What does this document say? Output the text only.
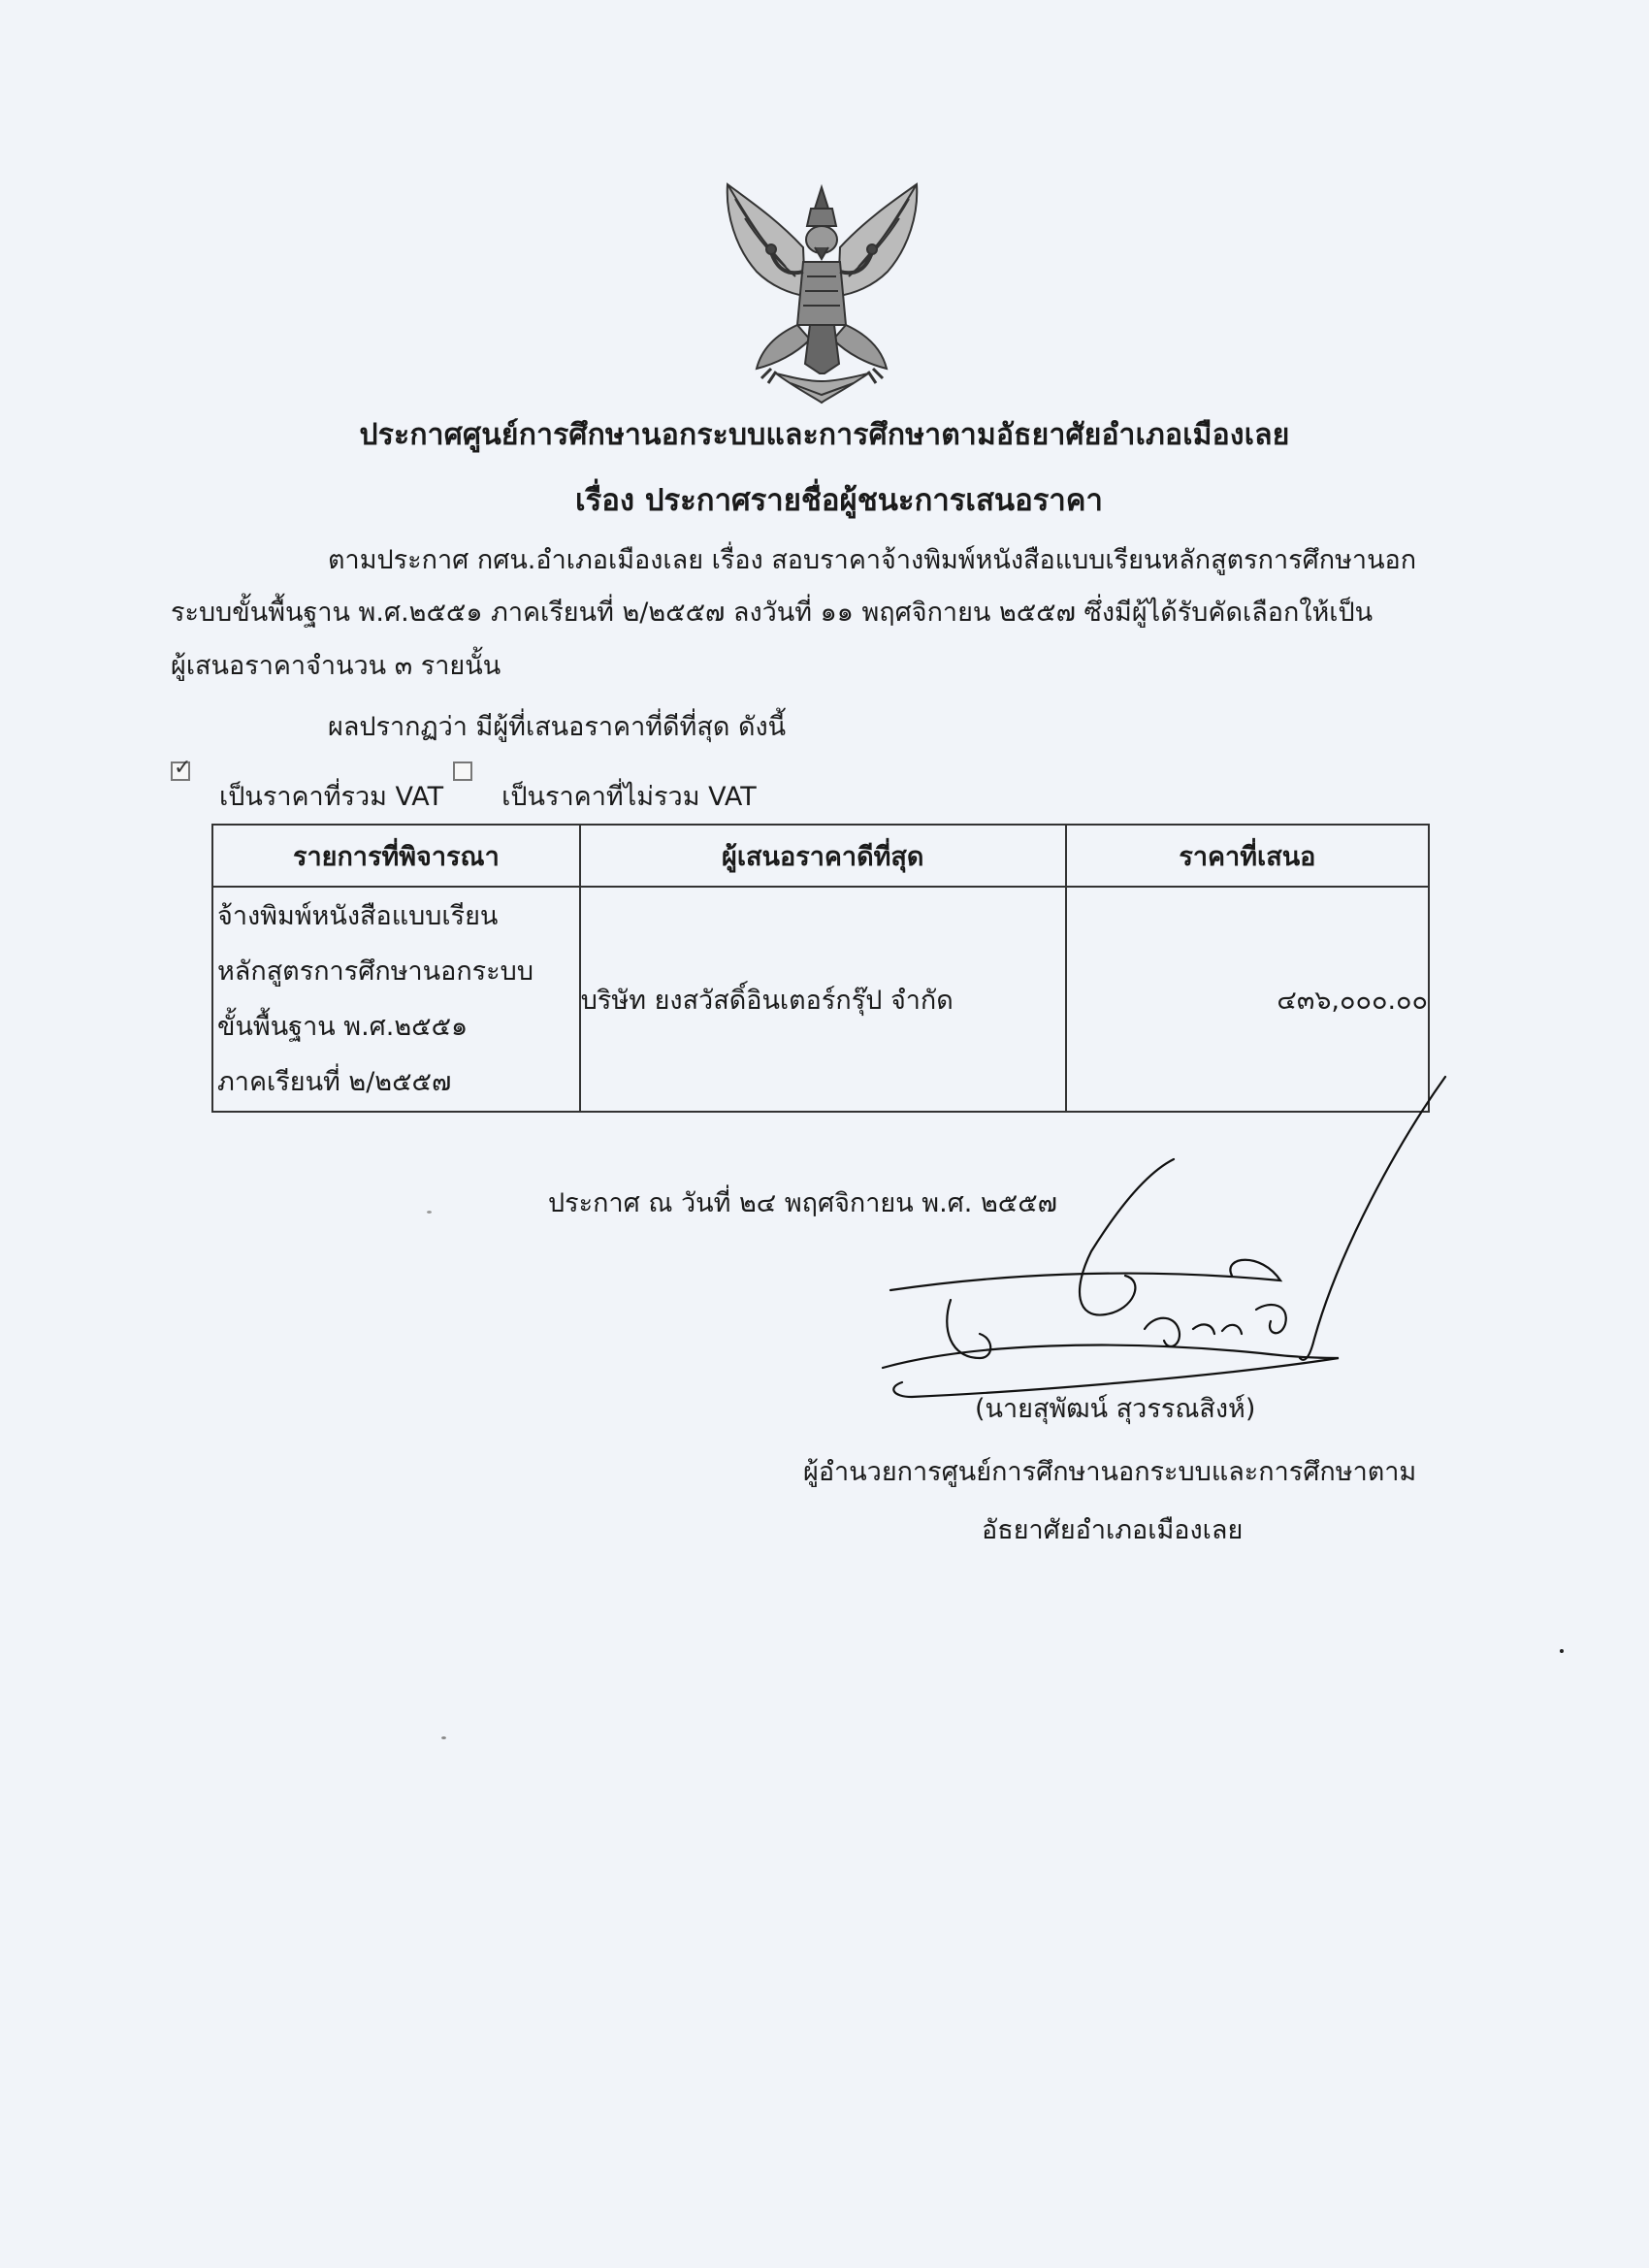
ประกาศศูนย์การศึกษานอกระบบและการศึกษาตามอัธยาศัยอำเภอเมืองเลย
เรื่อง ประกาศรายชื่อผู้ชนะการเสนอราคา
ตามประกาศ กศน.อำเภอเมืองเลย เรื่อง สอบราคาจ้างพิมพ์หนังสือแบบเรียนหลักสูตรการศึกษานอก
ระบบขั้นพื้นฐาน พ.ศ.๒๕๕๑ ภาคเรียนที่ ๒/๒๕๕๗ ลงวันที่ ๑๑ พฤศจิกายน ๒๕๕๗ ซึ่งมีผู้ได้รับคัดเลือกให้เป็น
ผู้เสนอราคาจำนวน ๓ รายนั้น
ผลปรากฏว่า มีผู้ที่เสนอราคาที่ดีที่สุด ดังนี้
✓
เป็นราคาที่รวม VAT เป็นราคาที่ไม่รวม VAT
รายการที่พิจารณา	ผู้เสนอราคาดีที่สุด	ราคาที่เสนอ

จ้างพิมพ์หนังสือแบบเรียน
หลักสูตรการศึกษานอกระบบ
ขั้นพื้นฐาน พ.ศ.๒๕๕๑
ภาคเรียนที่ ๒/๒๕๕๗	บริษัท ยงสวัสดิ์อินเตอร์กรุ๊ป จำกัด	๔๓๖,๐๐๐.๐๐
ประกาศ ณ วันที่ ๒๔ พฤศจิกายน พ.ศ. ๒๕๕๗
(นายสุพัฒน์ สุวรรณสิงห์)
ผู้อำนวยการศูนย์การศึกษานอกระบบและการศึกษาตาม
อัธยาศัยอำเภอเมืองเลย
